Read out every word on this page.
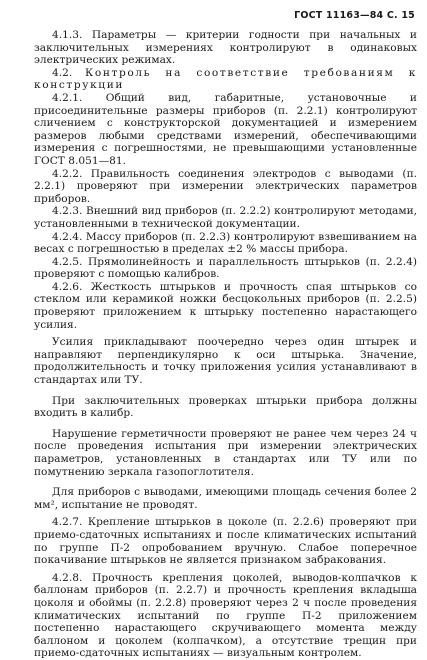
ГОСТ 11163—84 С. 15

4.1.3. Параметры — критерии годности при начальных и заключительных измерениях контролируют в одинаковых электрических режимах.

4.2. Контроль на соответствие требованиям к конструкции

4.2.1. Общий вид, габаритные, установочные и присоединительные размеры приборов (п. 2.2.1) контролируют сличением с конструкторской документацией и измерением размеров любыми средствами измерений, обеспечивающими измерения с погрешностями, не превышающими установленные ГОСТ 8.051—81.

4.2.2. Правильность соединения электродов с выводами (п. 2.2.1) проверяют при измерении электрических параметров приборов.

4.2.3. Внешний вид приборов (п. 2.2.2) контролируют методами, установленными в технической документации.

4.2.4. Массу приборов (п. 2.2.3) контролируют взвешиванием на весах с погрешностью в пределах ±2 % массы прибора.

4.2.5. Прямолинейность и параллельность штырьков (п. 2.2.4) проверяют с помощью калибров.

4.2.6. Жесткость штырьков и прочность спая штырьков со стеклом или керамикой ножки бесцокольных приборов (п. 2.2.5) проверяют приложением к штырьку постепенно нарастающего усилия.

Усилия прикладывают поочередно через один штырек и направляют перпендикулярно к оси штырька. Значение, продолжительность и точку приложения усилия устанавливают в стандартах или ТУ.

При заключительных проверках штырьки прибора должны входить в калибр.

Нарушение герметичности проверяют не ранее чем через 24 ч после проведения испытания при измерении электрических параметров, установленных в стандартах или ТУ или по помутнению зеркала газопоглотителя.

Для приборов с выводами, имеющими площадь сечения более 2 мм², испытание не проводят.

4.2.7. Крепление штырьков в цоколе (п. 2.2.6) проверяют при приемо-сдаточных испытаниях и после климатических испытаний по группе П-2 опробованием вручную. Слабое поперечное покачивание штырьков не является признаком забракования.

4.2.8. Прочность крепления цоколей, выводов-колпачков к баллонам приборов (п. 2.2.7) и прочность крепления вкладыша цоколя и обоймы (п. 2.2.8) проверяют через 2 ч после проведения климатических испытаний по группе П-2 приложением постепенно нарастающего скручивающего момента между баллоном и цоколем (колпачком), а отсутствие трещин при приемо-сдаточных испытаниях — визуальным контролем.
